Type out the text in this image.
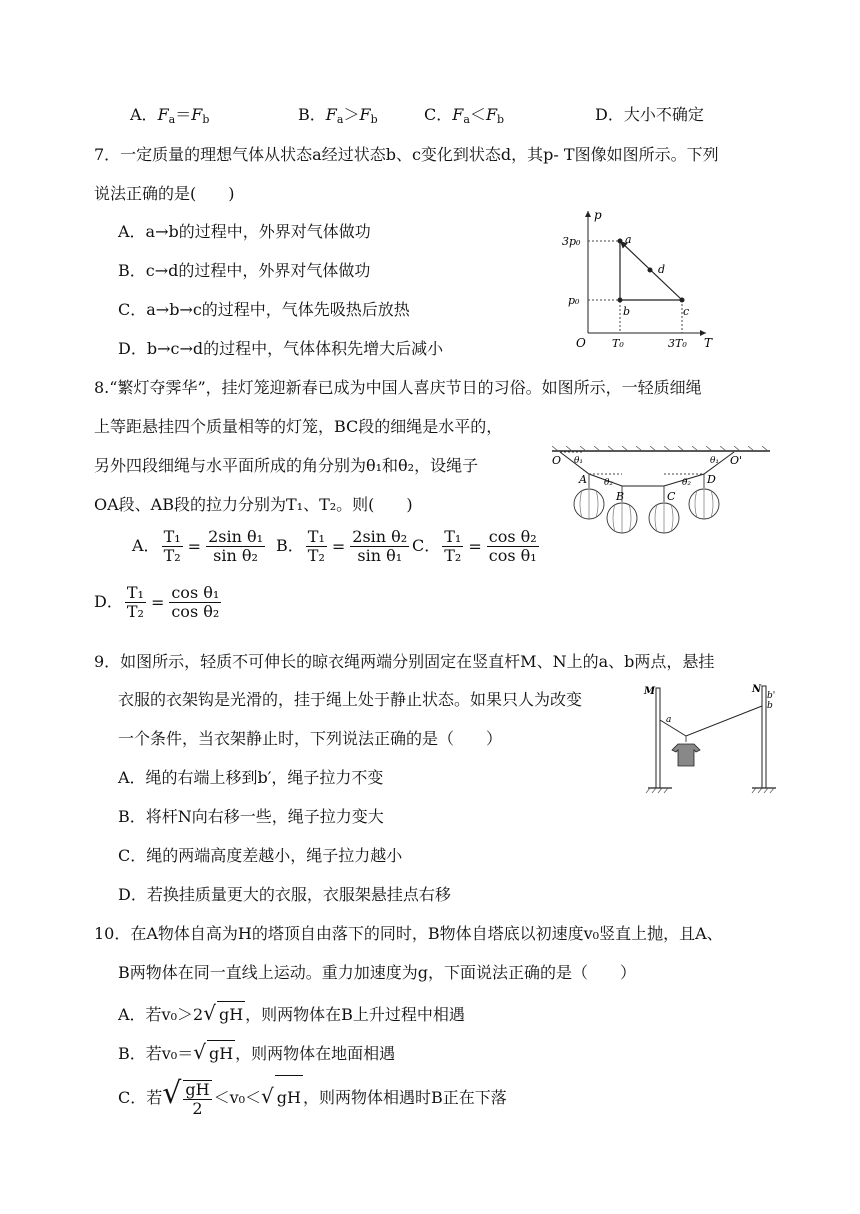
A．$F_a=F_b$	B．$F_a>F_b$	C．$F_a<F_b$	D．大小不确定
7．一定质量的理想气体从状态a经过状态b、c变化到状态d，其p- T图像如图所示。下列
说法正确的是(　　)
A．a→b的过程中，外界对气体做功
B．c→d的过程中，外界对气体做功
C．a→b→c的过程中，气体先吸热后放热
D．b→c→d的过程中，气体体积先增大后减小
p
T
O
3p₀
p₀
T₀	3T₀
a
b	c
d
8.“繁灯夺霁华”，挂灯笼迎新春已成为中国人喜庆节日的习俗。如图所示，一轻质细绳
上等距悬挂四个质量相等的灯笼，BC段的细绳是水平的，
另外四段细绳与水平面所成的角分别为θ₁和θ₂，设绳子
OA段、AB段的拉力分别为T₁、T₂。则(　　)
O	O'
A
B	C
D
θ₁
θ₂	θ₂
θ₁
A． $\frac{\text{T₁}}{\text{T₂}} = \frac{\text{2sin θ₁}}{\text{sin θ₂}}$ B． $\frac{\text{T₁}}{\text{T₂}} = \frac{\text{2sin θ₂}}{\text{sin θ₁}}$ C． $\frac{\text{T₁}}{\text{T₂}} = \frac{\text{cos θ₂}}{\text{cos θ₁}}$
D． $\frac{\text{T₁}}{\text{T₂}} = \frac{\text{cos θ₁}}{\text{cos θ₂}}$
9．如图所示，轻质不可伸长的晾衣绳两端分别固定在竖直杆M、N上的a、b两点，悬挂
衣服的衣架钩是光滑的，挂于绳上处于静止状态。如果只人为改变
一个条件，当衣架静止时，下列说法正确的是（　　）
A．绳的右端上移到b′，绳子拉力不变
B．将杆N向右移一些，绳子拉力变大
C．绳的两端高度差越小，绳子拉力越小
D．若换挂质量更大的衣服，衣服架悬挂点右移
M	N
a
b'
b
10．在A物体自高为H的塔顶自由落下的同时，B物体自塔底以初速度v₀竖直上抛，且A、
B两物体在同一直线上运动。重力加速度为g，下面说法正确的是（　　）
A．若v₀＞2√ gH ，则两物体在B上升过程中相遇
B．若v₀＝√ gH ，则两物体在地面相遇
C．若√ $\frac{gH}{2} <v_0<√$ gH ，则两物体相遇时B正在下落
